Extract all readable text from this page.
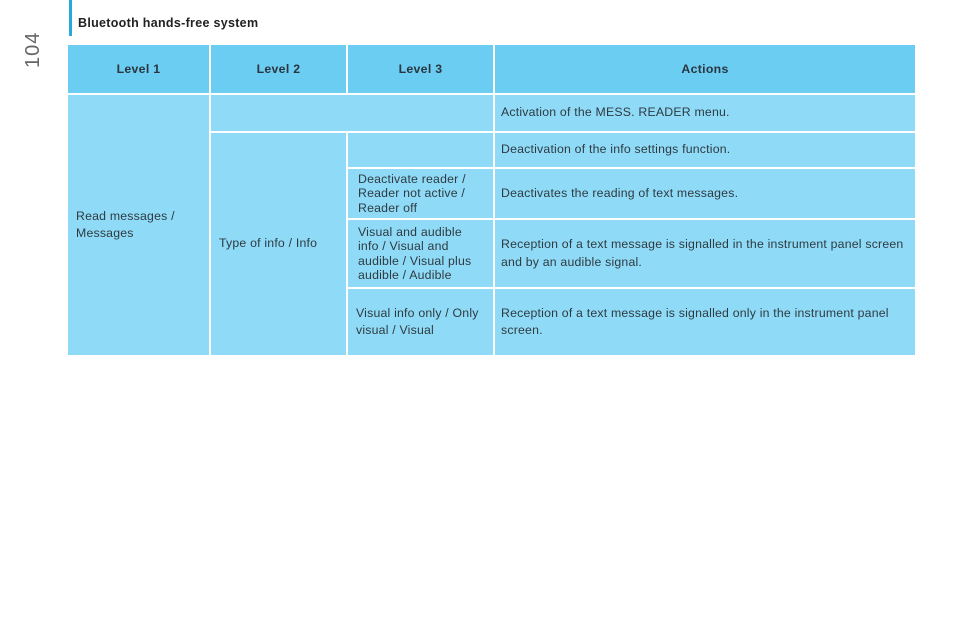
104
Bluetooth hands-free system
Level 1	Level 2	Level 3	Actions
Read messages / Messages			Activation of the MESS. READER menu.
	Type of info / Info		Deactivation of the info settings function.
		Deactivate reader / Reader not active / Reader off	Deactivates the reading of text messages.
		Visual and audible info / Visual and audible / Visual plus audible / Audible	Reception of a text message is signalled in the instrument panel screen and by an audible signal.
		Visual info only / Only visual / Visual	Reception of a text message is signalled only in the instrument panel screen.
